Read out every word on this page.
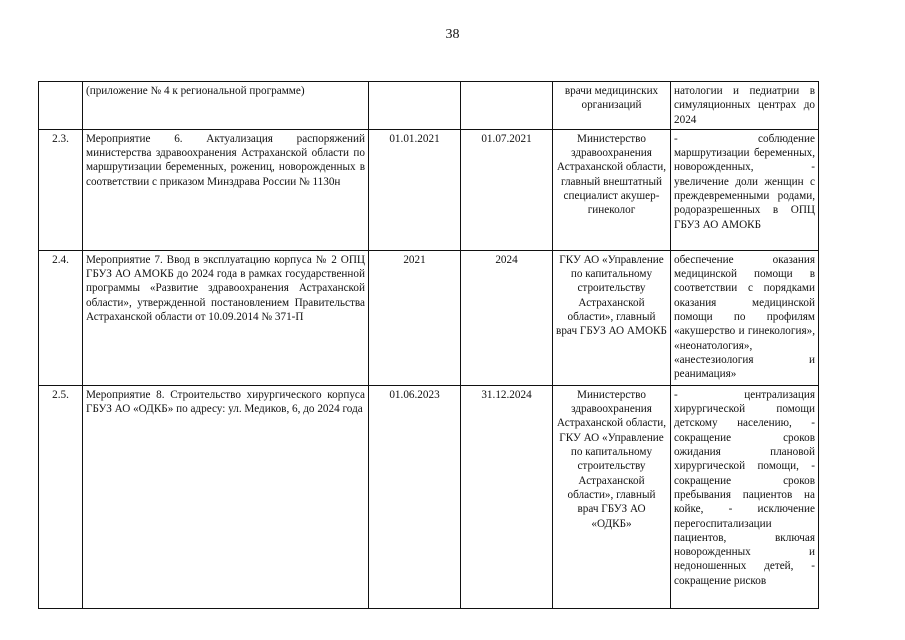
38
	(приложение № 4 к региональной программе)			врачи медицинских организаций	натологии и педиатрии в симуляционных центрах до 2024
2.3.	Мероприятие 6. Актуализация распоряжений министерства здравоохранения Астраханской области по маршрутизации беременных, рожениц, новорожденных в соответствии с приказом Минздрава России № 1130н	01.01.2021	01.07.2021	Министерство здравоохранения Астраханской области, главный внештатный специалист акушер-гинеколог	- соблюдение маршрутизации беременных, новорожденных, - увеличение доли женщин с преждевременными родами, родоразрешенных в ОПЦ ГБУЗ АО АМОКБ
2.4.	Мероприятие 7. Ввод в эксплуатацию корпуса № 2 ОПЦ ГБУЗ АО АМОКБ до 2024 года в рамках государственной программы «Развитие здравоохранения Астраханской области», утвержденной постановлением Правительства Астраханской области от 10.09.2014 № 371-П	2021	2024	ГКУ АО «Управление по капитальному строительству Астраханской области», главный врач ГБУЗ АО АМОКБ	обеспечение оказания медицинской помощи в соответствии с порядками оказания медицинской помощи по профилям «акушерство и гинекология», «неонатология», «анестезиология и реанимация»
2.5.	Мероприятие 8. Строительство хирургического корпуса ГБУЗ АО «ОДКБ» по адресу: ул. Медиков, 6, до 2024 года	01.06.2023	31.12.2024	Министерство здравоохранения Астраханской области, ГКУ АО «Управление по капитальному строительству Астраханской области», главный врач ГБУЗ АО «ОДКБ»	- централизация хирургической помощи детскому населению, - сокращение сроков ожидания плановой хирургической помощи, - сокращение сроков пребывания пациентов на койке, - исключение перегоспитализации пациентов, включая новорожденных и недоношенных детей, - сокращение рисков
